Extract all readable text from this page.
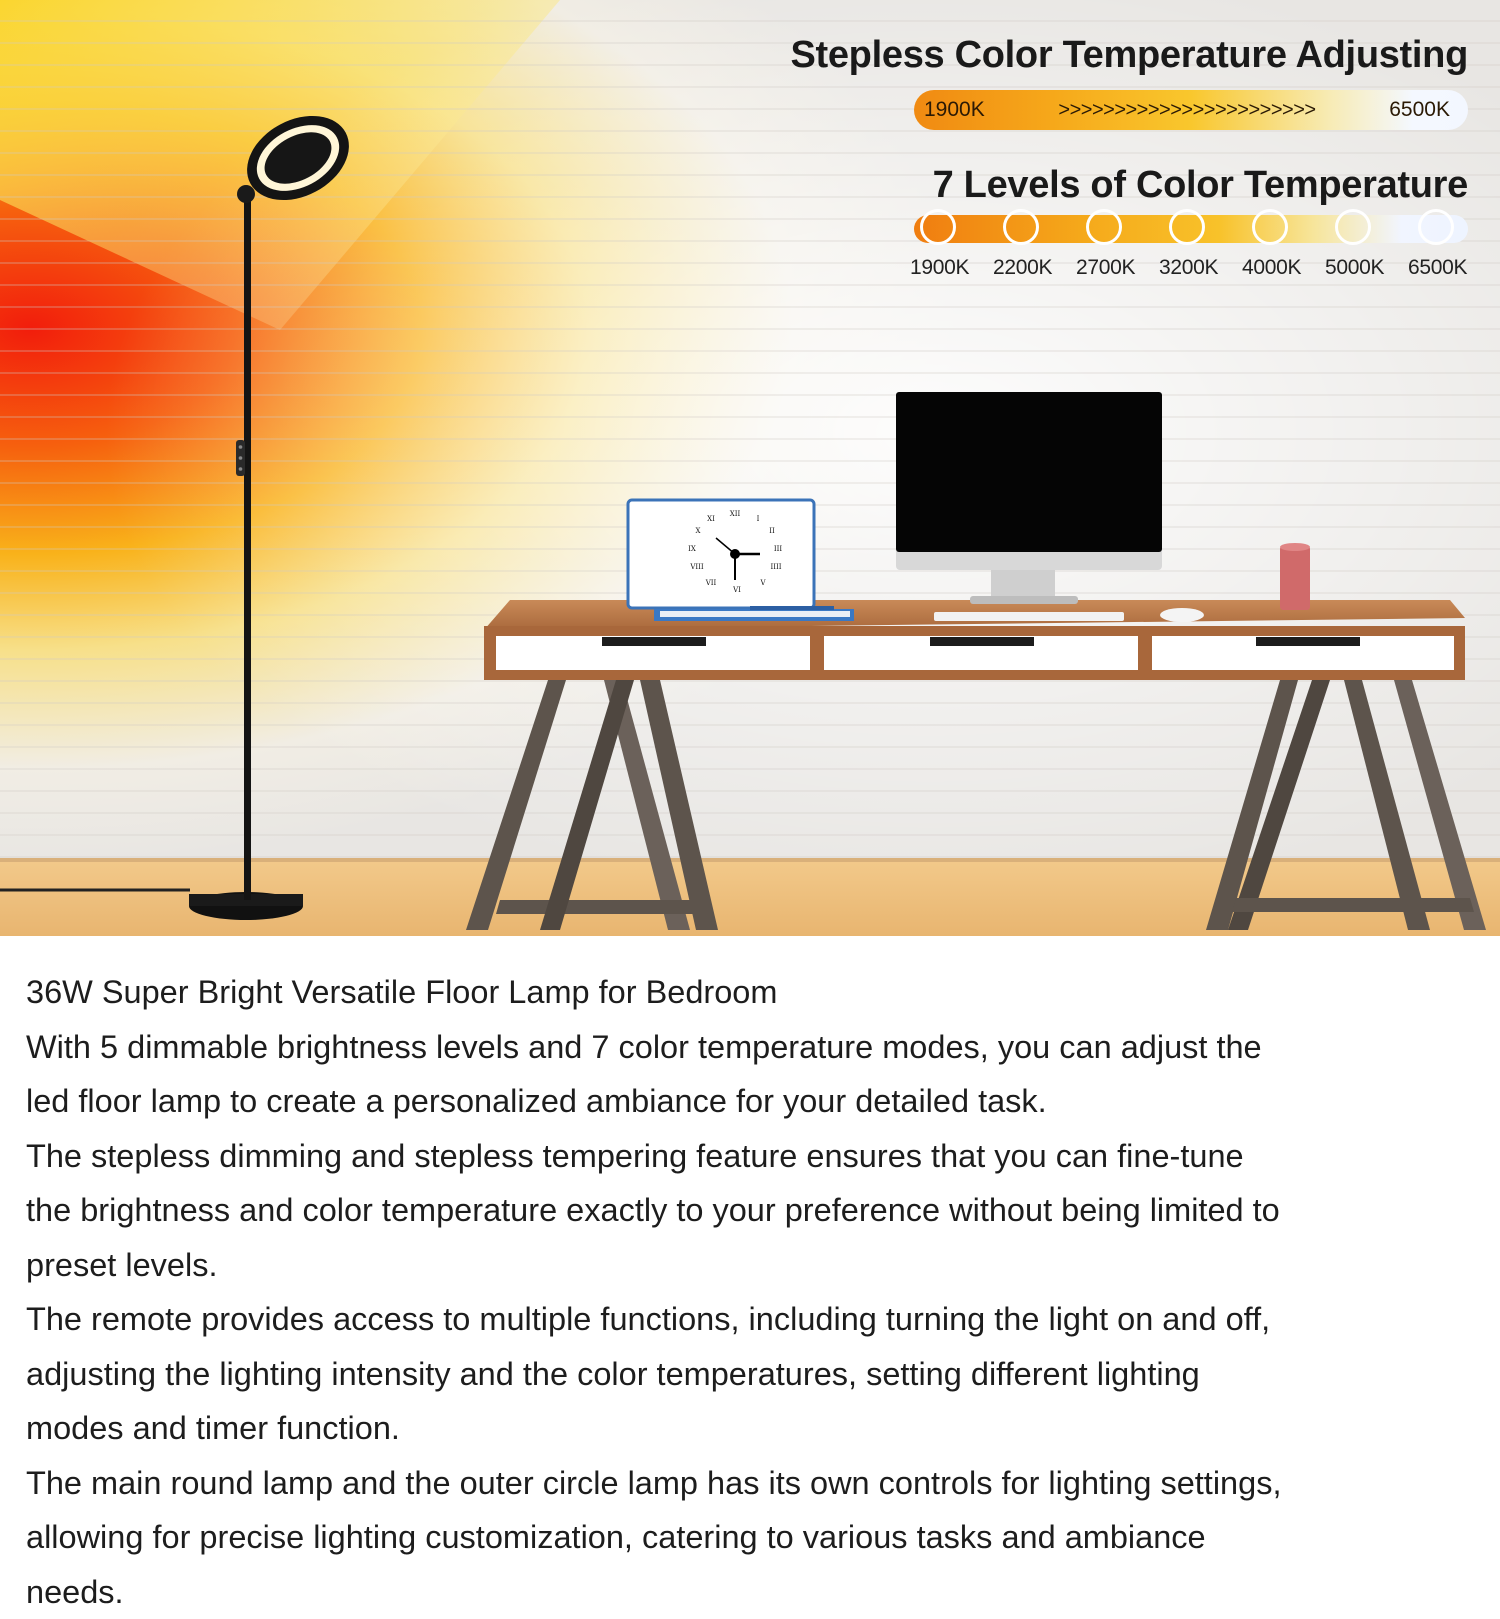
XII
I
II
III
IIII
V
VI
VII
VIII
IX
X
XI
Stepless Color Temperature Adjusting
1900K	>>>>>>>>>>>>>>>>>>>>>>>	6500K
7 Levels of Color Temperature
1900K 2200K 2700K 3200K 4000K 5000K 6500K

36W Super Bright Versatile Floor Lamp for Bedroom

With 5 dimmable brightness levels and 7 color temperature modes, you can adjust the

led floor lamp to create a personalized ambiance for your detailed task.

The stepless dimming and stepless tempering feature ensures that you can fine-tune

the brightness and color temperature exactly to your preference without being limited to

preset levels.

The remote provides access to multiple functions, including turning the light on and off,

adjusting the lighting intensity and the color temperatures, setting different lighting

modes and timer function.

The main round lamp and the outer circle lamp has its own controls for lighting settings,

allowing for precise lighting customization, catering to various tasks and ambiance

needs.
